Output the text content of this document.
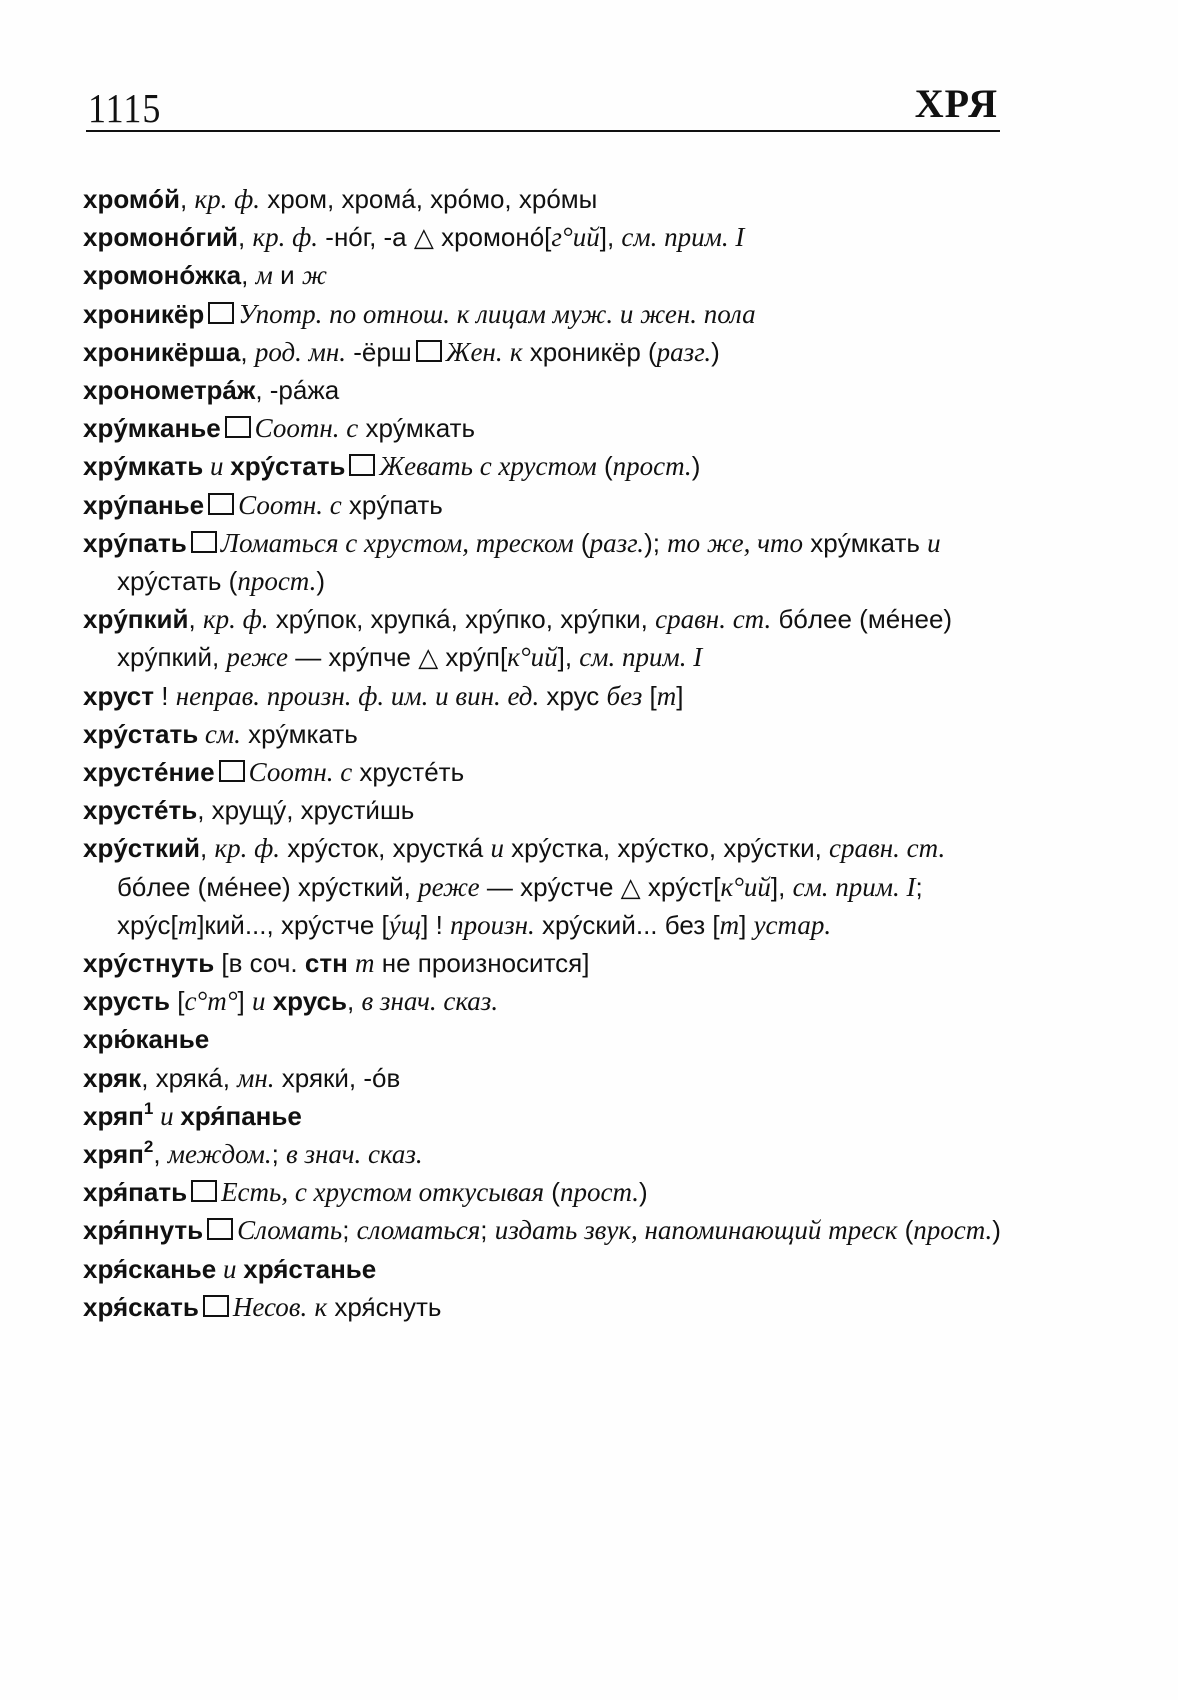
1115	ХРЯ
хромóй, кр. ф. хром, хромá, хрóмо, хрóмы
хромонóгий, кр. ф. -нóг, -а △ хромонó[г°ий], см. прим. I
хромонóжка, м и ж
хроникёр Употр. по отнош. к лицам муж. и жен. пола
хроникёрша, род. мн. -ёрш Жен. к хроникёр (разг.)
хронометрáж, -рáжа
хрýмканье Соотн. с хрýмкать
хрýмкать и хрýстать Жевать с хрустом (прост.)
хрýпанье Соотн. с хрýпать
хрýпать Ломаться с хрустом, треском (разг.); то же, что хрýмкать и хрýстать (прост.)
хрýпкий, кр. ф. хрýпок, хрупкá, хрýпко, хрýпки, сравн. ст. бóлее (мéнее) хрýпкий, реже — хрýпче △ хрýп[к°ий], см. прим. I
хруст ! неправ. произн. ф. им. и вин. ед. хрус без [т]
хрýстать см. хрýмкать
хрустéние Соотн. с хрустéть
хрустéть, хрущý, хрусти́шь
хрýсткий, кр. ф. хрýсток, хрусткá и хрýстка, хрýстко, хрýстки, сравн. ст. бóлее (мéнее) хрýсткий, реже — хрýстче △ хрýст[к°ий], см. прим. I; хрýс[т]кий..., хрýстче [ýщ] ! произн. хрýский... без [т] устар.
хрýстнуть [в соч. стн т не произносится]
хрусть [с°т°] и хрусь, в знач. сказ.
хрю́канье
хряк, хрякá, мн. хряки́, -óв
хряп$^1$ и хря́панье
хряп$^2$, междом.; в знач. сказ.
хря́пать Есть, с хрустом откусывая (прост.)
хря́пнуть Сломать; сломаться; издать звук, напоминающий треск (прост.)
хря́сканье и хря́станье
хря́скать Несов. к хря́снуть
